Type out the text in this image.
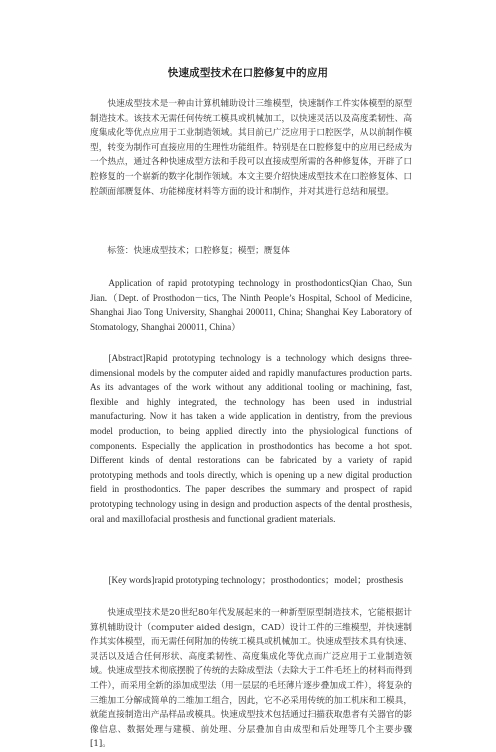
快速成型技术在口腔修复中的应用

快速成型技术是一种由计算机辅助设计三维模型，快速制作工件实体模型的原型制造技术。该技术无需任何传统工模具或机械加工，以快速灵活以及高度柔韧性、高度集成化等优点应用于工业制造领域。其目前已广泛应用于口腔医学，从以前制作模型，转变为制作可直接应用的生理性功能组件。特别是在口腔修复中的应用已经成为一个热点，通过各种快速成型方法和手段可以直接成型所需的各种修复体，开辟了口腔修复的一个崭新的数字化制作领域。本文主要介绍快速成型技术在口腔修复体、口腔颌面部赝复体、功能梯度材料等方面的设计和制作，并对其进行总结和展望。

标签：快速成型技术；口腔修复；模型；赝复体

Application of rapid prototyping technology in prosthodonticsQian Chao, Sun Jian.（Dept. of Prosthodon－tics, The Ninth People’s Hospital, School of Medicine, Shanghai Jiao Tong University, Shanghai 200011, China; Shanghai Key Laboratory of Stomatology, Shanghai 200011, China）

[Abstract]Rapid prototyping technology is a technology which designs three-dimensional models by the computer aided and rapidly manufactures production parts. As its advantages of the work without any additional tooling or machining, fast, flexible and highly integrated, the technology has been used in industrial manufacturing. Now it has taken a wide application in dentistry, from the previous model production, to being applied directly into the physiological functions of components. Especially the application in prosthodontics has become a hot spot. Different kinds of dental restorations can be fabricated by a variety of rapid prototyping methods and tools directly, which is opening up a new digital production field in prosthodontics. The paper describes the summary and prospect of rapid prototyping technology using in design and production aspects of the dental prosthesis, oral and maxillofacial prosthesis and functional gradient materials.

[Key words]rapid prototyping technology；prosthodontics；model；prosthesis

快速成型技术是20世纪80年代发展起来的一种新型原型制造技术，它能根据计算机辅助设计（computer aided design，CAD）设计工件的三维模型，并快速制作其实体模型，而无需任何附加的传统工模具或机械加工。快速成型技术具有快速、灵活以及适合任何形状、高度柔韧性、高度集成化等优点而广泛应用于工业制造领域。快速成型技术彻底摆脱了传统的去除成型法（去除大于工件毛坯上的材料而得到工件），而采用全新的添加成型法（用一层层的毛坯薄片逐步叠加成工件），将复杂的三维加工分解成简单的二维加工组合，因此，它不必采用传统的加工机床和工模具，就能直接制造出产品样品或模具。快速成型技术包括通过扫描获取患者有关器官的影像信息、数据处理与建模、前处理、分层叠加自由成型和后处理等几个主要步骤[1]。
